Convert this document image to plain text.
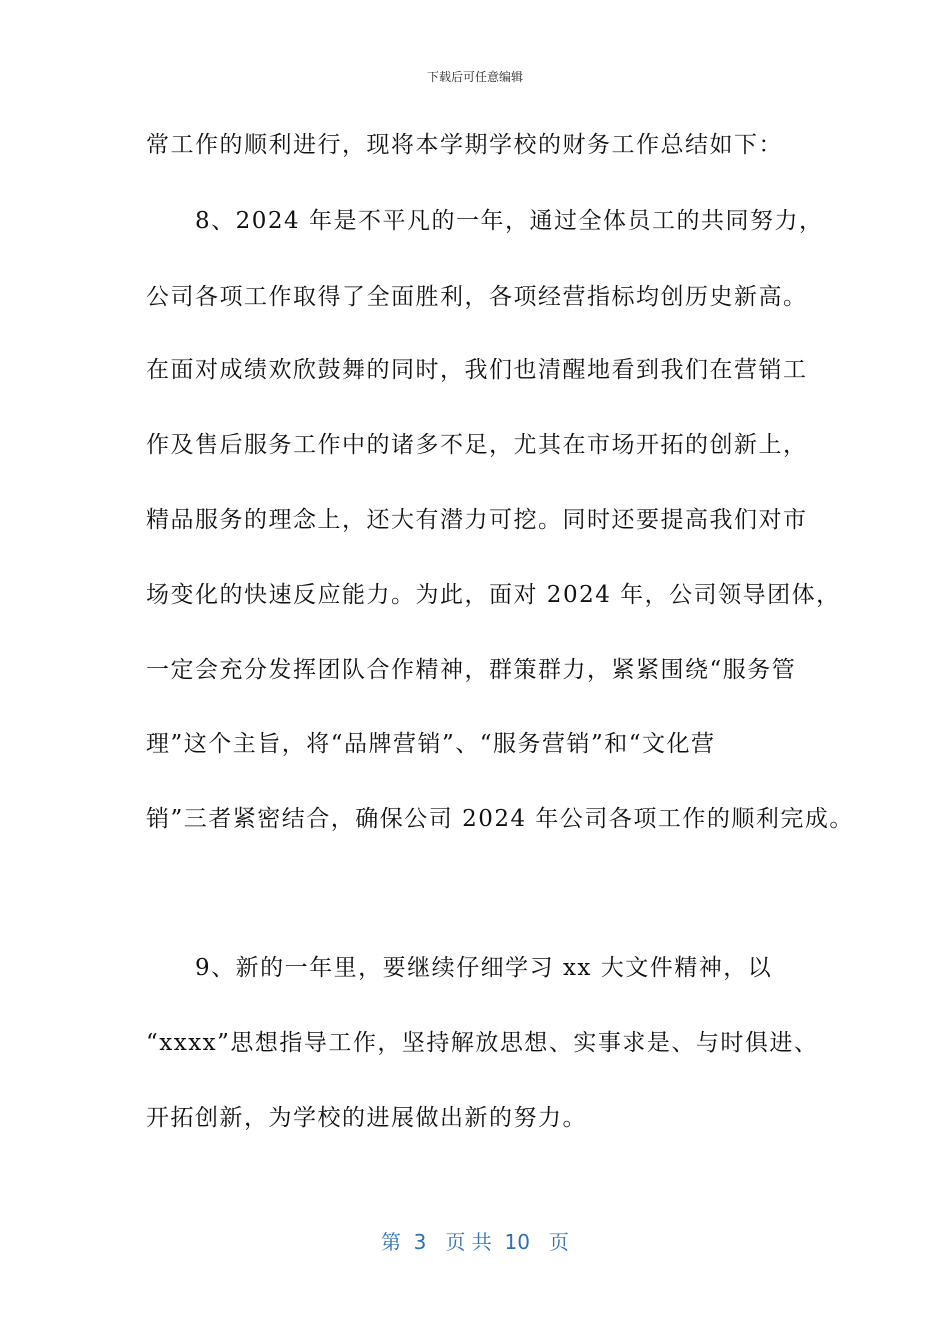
下载后可任意编辑
常工作的顺利进行，现将本学期学校的财务工作总结如下：
　　8、2024 年是不平凡的一年，通过全体员工的共同努力，
公司各项工作取得了全面胜利，各项经营指标均创历史新高。
在面对成绩欢欣鼓舞的同时，我们也清醒地看到我们在营销工
作及售后服务工作中的诸多不足，尤其在市场开拓的创新上，
精品服务的理念上，还大有潜力可挖。同时还要提高我们对市
场变化的快速反应能力。为此，面对 2024 年，公司领导团体，
一定会充分发挥团队合作精神，群策群力，紧紧围绕“服务管
理”这个主旨，将“品牌营销”、“服务营销”和“文化营
销”三者紧密结合，确保公司 2024 年公司各项工作的顺利完成。
　　9、新的一年里，要继续仔细学习 xx 大文件精神，以
“xxxx”思想指导工作，坚持解放思想、实事求是、与时俱进、
开拓创新，为学校的进展做出新的努力。
第  3   页 共  10   页
